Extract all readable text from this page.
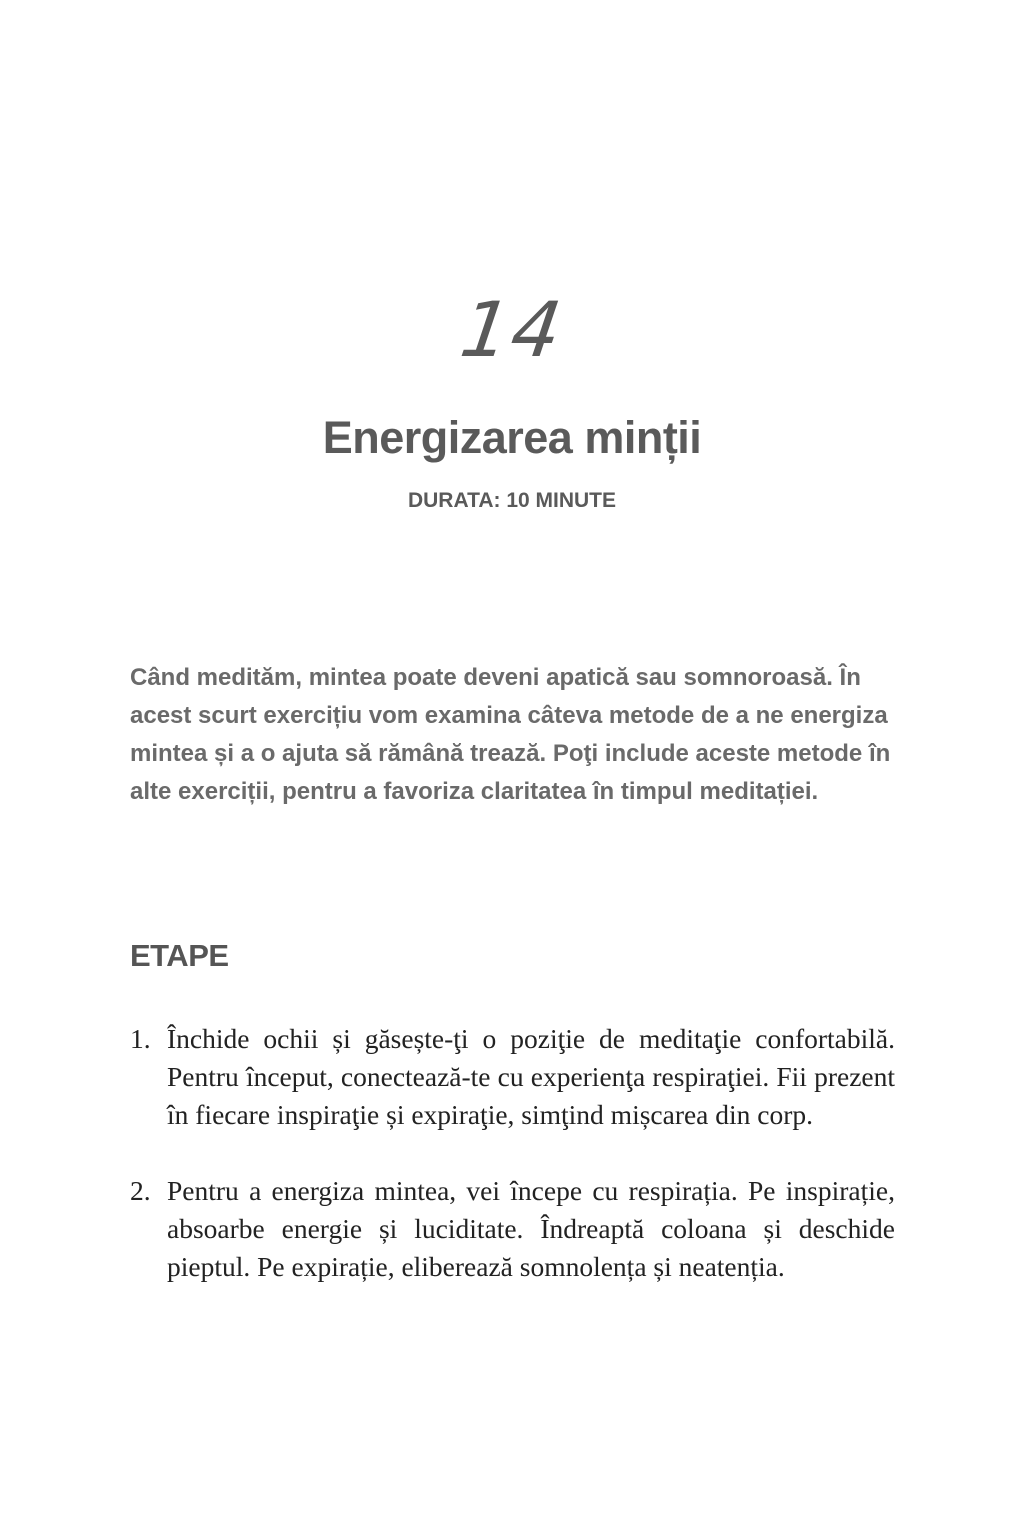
14
Energizarea minții
DURATA: 10 MINUTE

Când medităm, mintea poate deveni apatică sau somnoroasă. În acest scurt exercițiu vom examina câteva metode de a ne energiza mintea și a o ajuta să rămână trează. Poţi include aceste metode în alte exerciții, pentru a favoriza claritatea în timpul meditației.

ETAPE
1. Închide ochii și găsește-ţi o poziţie de meditaţie confortabilă. Pentru început, conectează-te cu experienţa respiraţiei. Fii prezent în fiecare inspiraţie și expiraţie, simţind mișcarea din corp.
2. Pentru a energiza mintea, vei începe cu respirația. Pe inspirație, absoarbe energie și luciditate. Îndreaptă coloana și deschide pieptul. Pe expirație, eliberează somnolența și neatenția.
